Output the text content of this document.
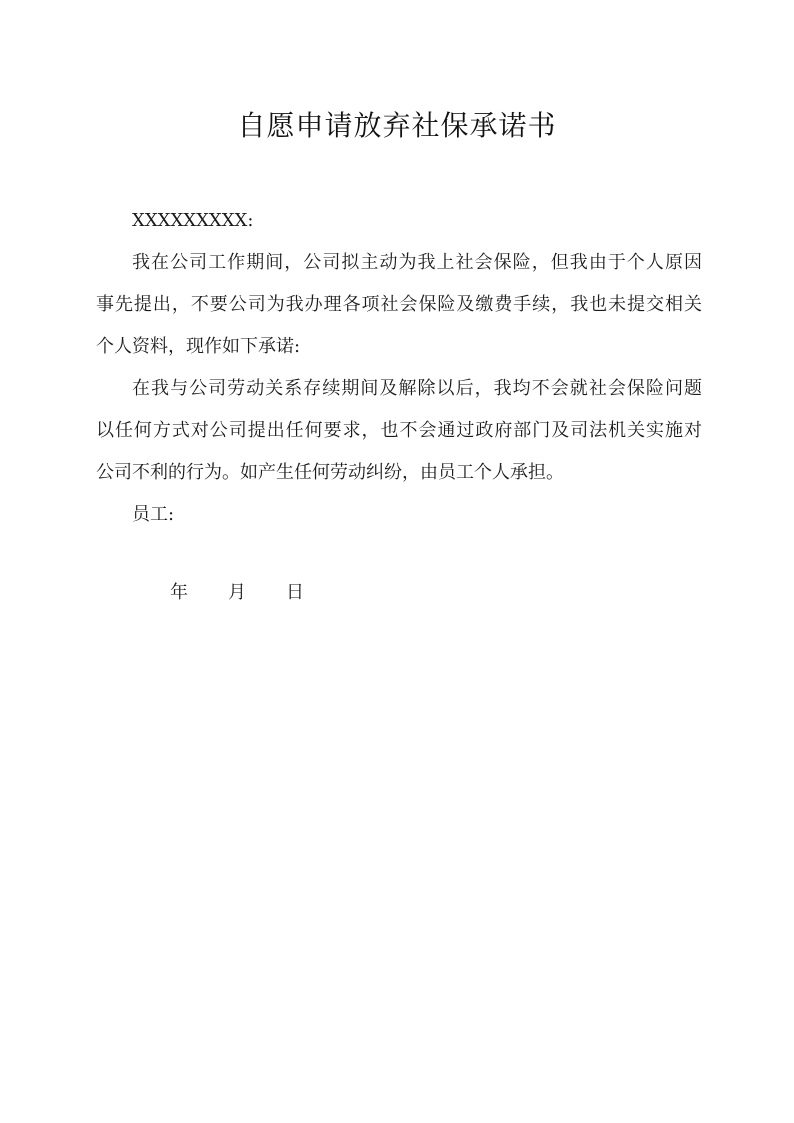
自愿申请放弃社保承诺书
XXXXXXXXX:
我在公司工作期间，公司拟主动为我上社会保险，但我由于个人原因
事先提出，不要公司为我办理各项社会保险及缴费手续，我也未提交相关
个人资料，现作如下承诺:
在我与公司劳动关系存续期间及解除以后，我均不会就社会保险问题
以任何方式对公司提出任何要求，也不会通过政府部门及司法机关实施对
公司不利的行为。如产生任何劳动纠纷，由员工个人承担。
员工:
年 月 日
